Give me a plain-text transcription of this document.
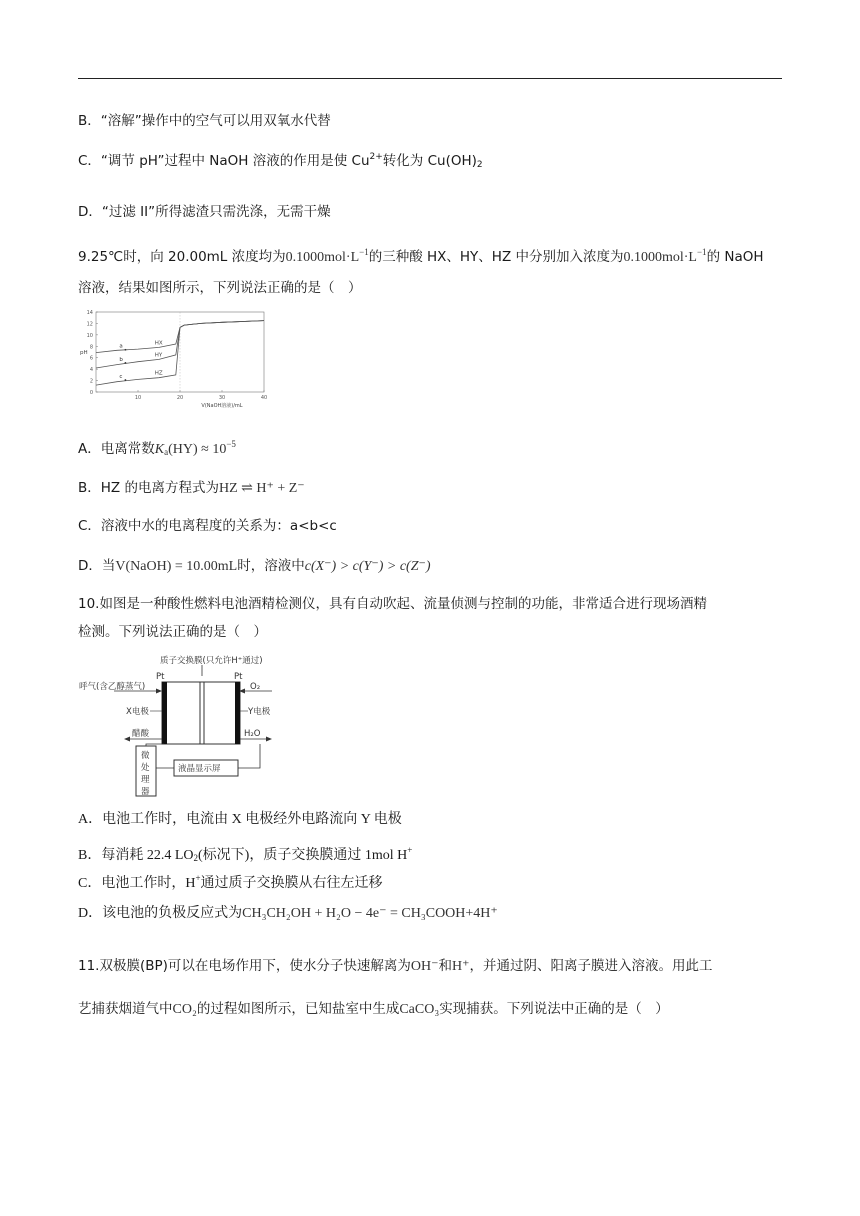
B．“溶解”操作中的空气可以用双氧水代替
C．“调节 pH”过程中 NaOH 溶液的作用是使 $Cu^{2+}$转化为 $Cu(OH)_2$
D．“过滤 II”所得滤渣只需洗涤，无需干燥
9.25℃时，向 20.00mL 浓度均为$0.1000mol\cdot L^{-1}$的三种酸 HX、HY、HZ 中分别加入浓度为$0.1000mol\cdot L^{-1}$的 NaOH
溶液，结果如图所示，下列说法正确的是（　）
0
2
4
6
8
10
12
14
10	20	30	40
pH
V(NaOH溶液)/mL
HX
HY
HZ
a
b
c
A．电离常数$K_a(HY) \approx 10^{-5}$
B．HZ 的电离方程式为HZ ⇌ H⁺ + Z⁻
C．溶液中水的电离程度的关系为：a<b<c
D．当V(NaOH) = 10.00mL时，溶液中c(X⁻) > c(Y⁻) > c(Z⁻)
10.如图是一种酸性燃料电池酒精检测仪，具有自动吹起、流量侦测与控制的功能，非常适合进行现场酒精
检测。下列说法正确的是（　）
质子交换膜(只允许H⁺通过)
Pt	Pt
呼气(含乙醇蒸气)	O₂
X电极	Y电极
醋酸	H₂O
微
处
理
器
液晶显示屏
A．电池工作时，电流由 X 电极经外电路流向 Y 电极
B．每消耗 22.4 $LO_2$(标况下)，质子交换膜通过 1mol H+
C．电池工作时，H+通过质子交换膜从右往左迁移
D．该电池的负极反应式为CH₃CH₂OH + H₂O − 4e⁻ = CH₃COOH+4H⁺
11.双极膜(BP)可以在电场作用下，使水分子快速解离为OH⁻和H⁺，并通过阴、阳离子膜进入溶液。用此工
艺捕获烟道气中CO₂的过程如图所示，已知盐室中生成CaCO₃实现捕获。下列说法中正确的是（　）
